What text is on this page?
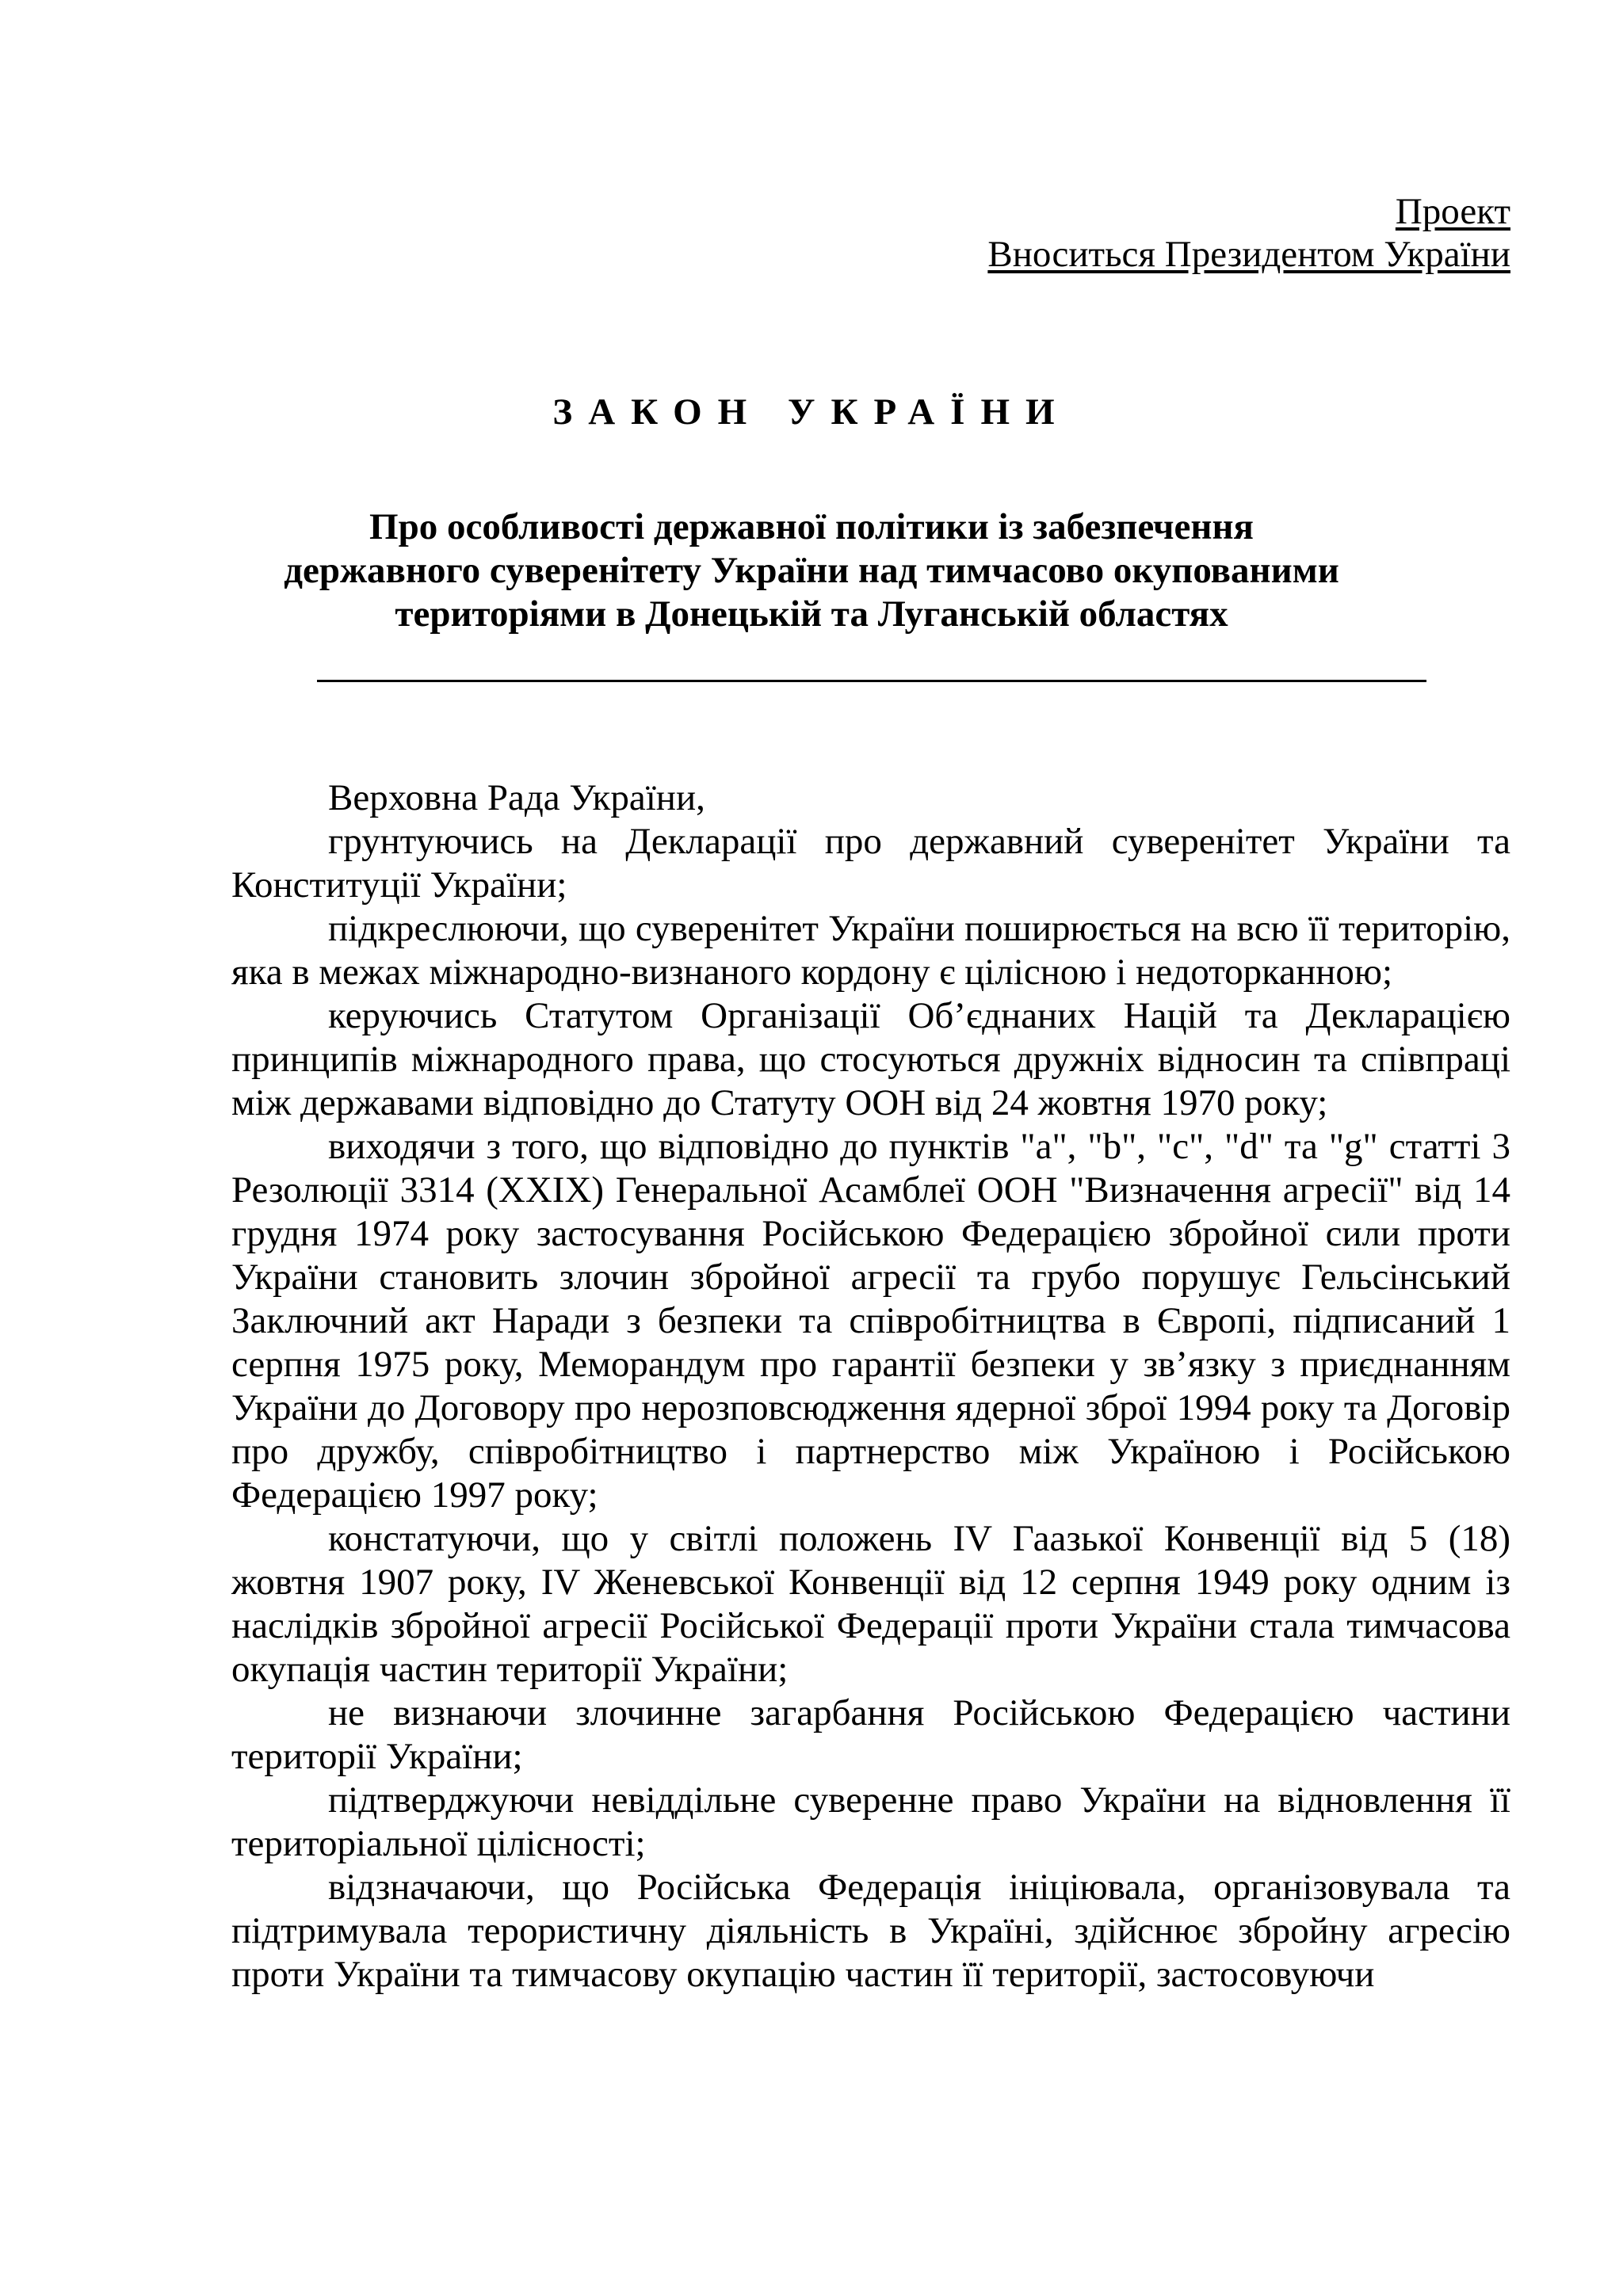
Проект
Вноситься Президентом України
ЗАКОН УКРАЇНИ
Про особливості державної політики із забезпечення
державного суверенітету України над тимчасово окупованими
територіями в Донецькій та Луганській областях

Верховна Рада України,

грунтуючись на Декларації про державний суверенітет України та Конституції України;

підкреслюючи, що суверенітет України поширюється на всю її територію, яка в межах міжнародно-визнаного кордону є цілісною і недоторканною;

керуючись Статутом Організації Об’єднаних Націй та Декларацією принципів міжнародного права, що стосуються дружніх відносин та співпраці між державами відповідно до Статуту ООН від 24 жовтня 1970 року;

виходячи з того, що відповідно до пунктів "a", "b", "c", "d" та "g" статті 3 Резолюції 3314 (XXIX) Генеральної Асамблеї ООН "Визначення агресії" від 14 грудня 1974 року застосування Російською Федерацією збройної сили проти України становить злочин збройної агресії та грубо порушує Гельсінський Заключний акт Наради з безпеки та співробітництва в Європі, підписаний 1 серпня 1975 року, Меморандум про гарантії безпеки у зв’язку з приєднанням України до Договору про нерозповсюдження ядерної зброї 1994 року та Договір про дружбу, співробітництво і партнерство між Україною і Російською Федерацією 1997 року;

констатуючи, що у світлі положень IV Гаазької Конвенції від 5 (18) жовтня 1907 року, IV Женевської Конвенції від 12 серпня 1949 року одним із наслідків збройної агресії Російської Федерації проти України стала тимчасова окупація частин території України;

не визнаючи злочинне загарбання Російською Федерацією частини території України;

підтверджуючи невіддільне суверенне право України на відновлення її територіальної цілісності;

відзначаючи, що Російська Федерація ініціювала, організовувала та підтримувала терористичну діяльність в Україні, здійснює збройну агресію проти України та тимчасову окупацію частин її території, застосовуючи
